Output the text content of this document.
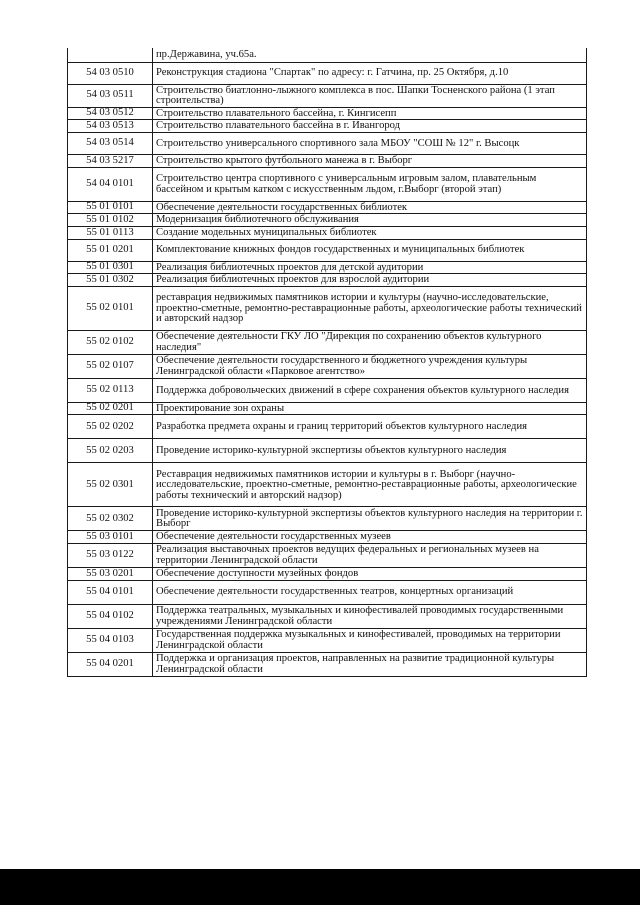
	пр.Державина, уч.65а.
54 03 0510	Реконструкция стадиона "Спартак" по адресу: г. Гатчина, пр. 25 Октября, д.10
54 03 0511	Строительство биатлонно-лыжного комплекса в пос. Шапки Тосненского района (1 этап строительства)
54 03 0512	Строительство плавательного бассейна, г. Кингисепп
54 03 0513	Строительство плавательного бассейна в г. Ивангород
54 03 0514	Строительство универсального спортивного зала МБОУ "СОШ № 12" г. Высоцк
54 03 5217	Строительство крытого футбольного манежа в г. Выборг
54 04 0101	Строительство центра спортивного с универсальным игровым залом, плавательным бассейном и крытым катком с искусственным льдом, г.Выборг (второй этап)
55 01 0101	Обеспечение деятельности государственных библиотек
55 01 0102	Модернизация библиотечного обслуживания
55 01 0113	Создание модельных муниципальных библиотек
55 01 0201	Комплектование книжных фондов государственных и муниципальных библиотек
55 01 0301	Реализация библиотечных проектов для детской аудитории
55 01 0302	Реализация библиотечных проектов для взрослой аудитории
55 02 0101	реставрация недвижимых памятников истории и культуры (научно-исследовательские, проектно-сметные, ремонтно-реставрационные работы, археологические работы технический и авторский надзор
55 02 0102	Обеспечение деятельности ГКУ ЛО "Дирекция по сохранению объектов культурного наследия"
55 02 0107	Обеспечение деятельности государственного и бюджетного учреждения культуры Ленинградской области «Парковое агентство»
55 02 0113	Поддержка добровольческих движений в сфере сохранения объектов культурного наследия
55 02 0201	Проектирование зон охраны
55 02 0202	Разработка предмета охраны и границ территорий объектов культурного наследия
55 02 0203	Проведение историко-культурной экспертизы объектов культурного наследия
55 02 0301	Реставрация недвижимых памятников истории и культуры в г. Выборг (научно-исследовательские, проектно-сметные, ремонтно-реставрационные работы, археологические работы технический и авторский надзор)
55 02 0302	Проведение историко-культурной экспертизы объектов культурного наследия на территории г. Выборг
55 03 0101	Обеспечение деятельности государственных музеев
55 03 0122	Реализация выставочных проектов ведущих федеральных и региональных музеев на территории Ленинградской области
55 03 0201	Обеспечение доступности музейных фондов
55 04 0101	Обеспечение деятельности государственных театров, концертных организаций
55 04 0102	Поддержка театральных, музыкальных и кинофестивалей проводимых государственными учреждениями Ленинградской области
55 04 0103	Государственная поддержка музыкальных и кинофестивалей, проводимых на территории Ленинградской области
55 04 0201	Поддержка и организация проектов, направленных на развитие традиционной культуры Ленинградской области
